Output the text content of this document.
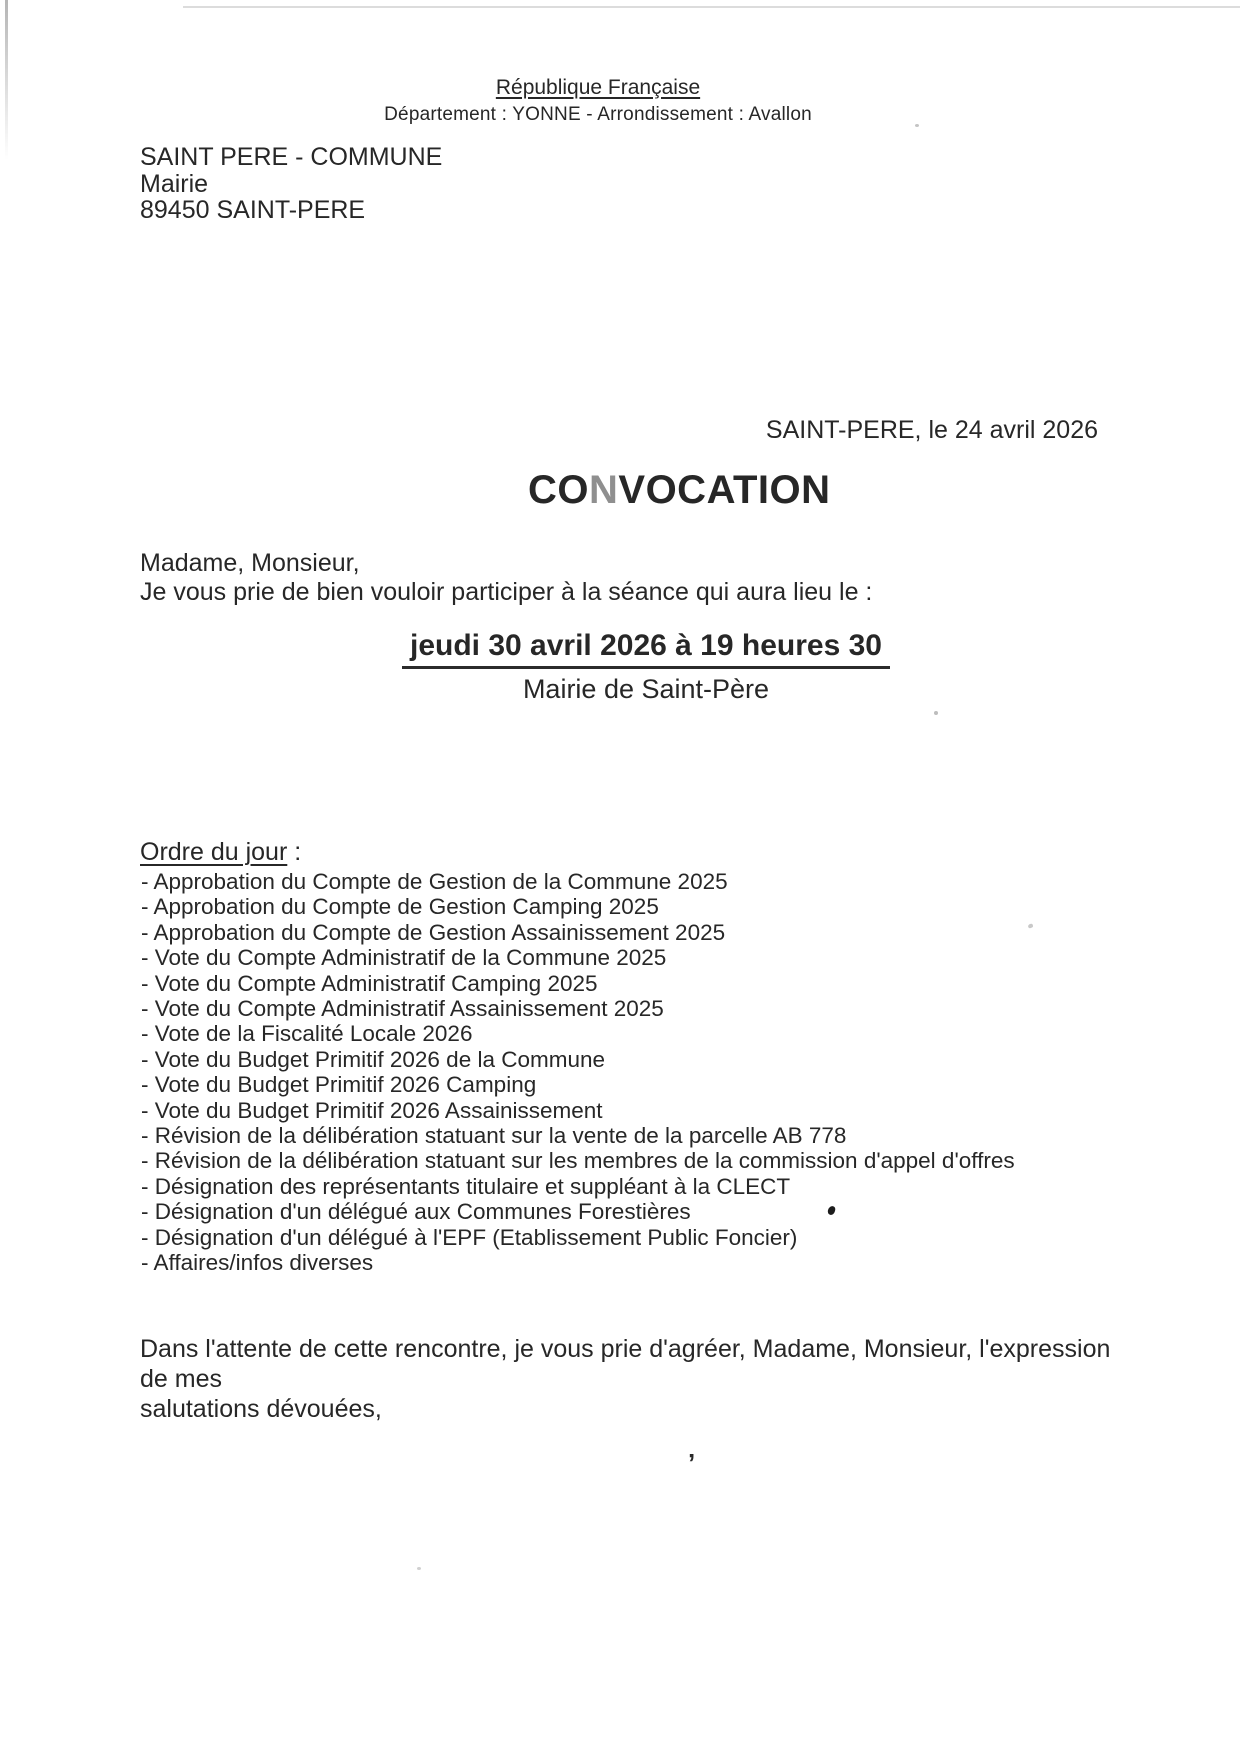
’
République Française
Département : YONNE - Arrondissement : Avallon
SAINT PERE - COMMUNE
Mairie
89450 SAINT-PERE
SAINT-PERE, le 24 avril 2026
CONVOCATION
Madame, Monsieur,
Je vous prie de bien vouloir participer à la séance qui aura lieu le :
jeudi 30 avril 2026 à 19 heures 30
Mairie de Saint-Père
Ordre du jour :
- Approbation du Compte de Gestion de la Commune 2025
- Approbation du Compte de Gestion Camping 2025
- Approbation du Compte de Gestion Assainissement 2025
- Vote du Compte Administratif de la Commune 2025
- Vote du Compte Administratif Camping 2025
- Vote du Compte Administratif Assainissement 2025
- Vote de la Fiscalité Locale 2026
- Vote du Budget Primitif 2026 de la Commune
- Vote du Budget Primitif 2026 Camping
- Vote du Budget Primitif 2026 Assainissement
- Révision de la délibération statuant sur la vente de la parcelle AB 778
- Révision de la délibération statuant sur les membres de la commission d'appel d'offres
- Désignation des représentants titulaire et suppléant à la CLECT
- Désignation d'un délégué aux Communes Forestières
- Désignation d'un délégué à l'EPF (Etablissement Public Foncier)
- Affaires/infos diverses
Dans l'attente de cette rencontre, je vous prie d'agréer, Madame, Monsieur, l'expression de mes
salutations dévouées,
